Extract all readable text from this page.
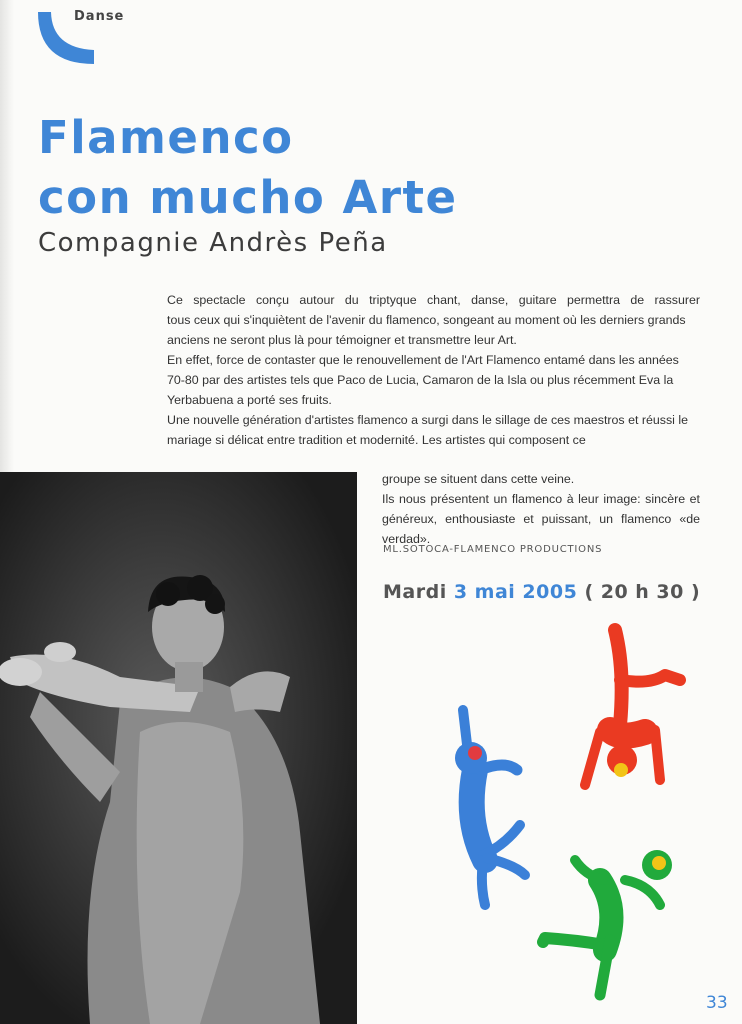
Danse
Flamenco
con mucho Arte
Compagnie Andrès Peña
Ce spectacle conçu autour du triptyque chant, danse, guitare permettra de rassurer
tous ceux qui s'inquiètent de l'avenir du flamenco, songeant au moment où les derniers grands anciens ne seront plus là pour témoigner et transmettre leur Art.
En effet, force de contaster que le renouvellement de l'Art Flamenco entamé dans les années 70-80 par des artistes tels que Paco de Lucia, Camaron de la Isla ou plus récemment Eva la Yerbabuena a porté ses fruits.
Une nouvelle génération d'artistes flamenco a surgi dans le sillage de ces maestros et réussi le mariage si délicat entre tradition et modernité. Les artistes qui composent ce
groupe se situent dans cette veine.
Ils nous présentent un flamenco à leur image: sincère et généreux, enthousiaste et puissant, un flamenco «de verdad».
ML.SOTOCA-FLAMENCO PRODUCTIONS
Mardi 3 mai 2005 ( 20 h 30 )
33
